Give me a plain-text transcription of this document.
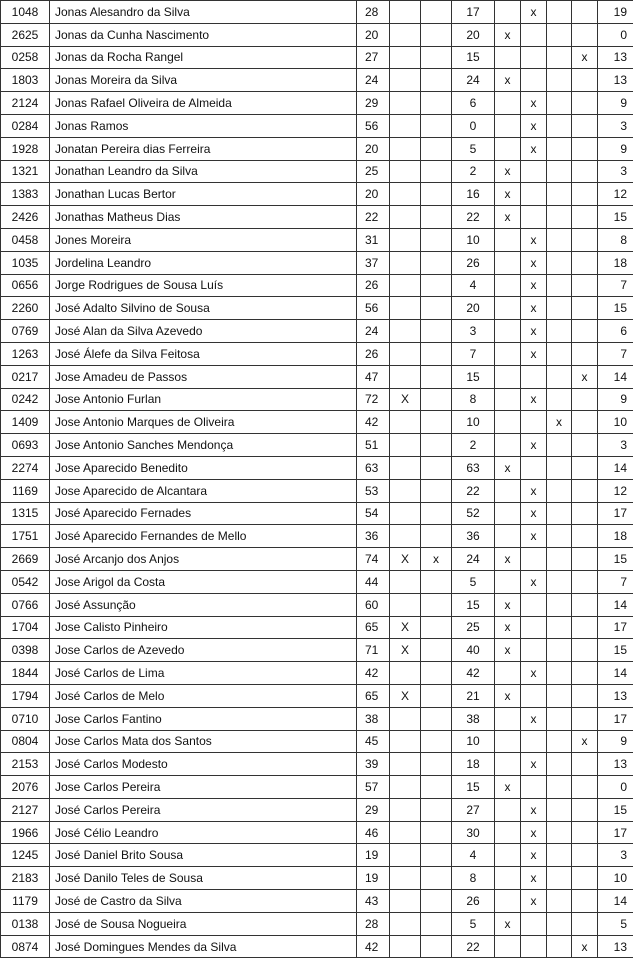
1048	Jonas Alesandro da Silva	28			17		x			19
2625	Jonas da Cunha Nascimento	20			20	x				0
0258	Jonas da Rocha Rangel	27			15				x	13
1803	Jonas Moreira da Silva	24			24	x				13
2124	Jonas Rafael Oliveira de Almeida	29			6		x			9
0284	Jonas Ramos	56			0		x			3
1928	Jonatan Pereira dias Ferreira	20			5		x			9
1321	Jonathan Leandro da Silva	25			2	x				3
1383	Jonathan Lucas Bertor	20			16	x				12
2426	Jonathas Matheus Dias	22			22	x				15
0458	Jones Moreira	31			10		x			8
1035	Jordelina Leandro	37			26		x			18
0656	Jorge Rodrigues de Sousa Luís	26			4		x			7
2260	José Adalto Silvino de Sousa	56			20		x			15
0769	José Alan da Silva Azevedo	24			3		x			6
1263	José Álefe da Silva Feitosa	26			7		x			7
0217	Jose Amadeu de Passos	47			15				x	14
0242	Jose Antonio Furlan	72	X		8		x			9
1409	Jose Antonio Marques de Oliveira	42			10			x		10
0693	Jose Antonio Sanches Mendonça	51			2		x			3
2274	Jose Aparecido Benedito	63			63	x				14
1169	Jose Aparecido de Alcantara	53			22		x			12
1315	José Aparecido Fernades	54			52		x			17
1751	José Aparecido Fernandes de Mello	36			36		x			18
2669	José Arcanjo dos Anjos	74	X	x	24	x				15
0542	Jose Arigol da Costa	44			5		x			7
0766	José Assunção	60			15	x				14
1704	Jose Calisto Pinheiro	65	X		25	x				17
0398	Jose Carlos de Azevedo	71	X		40	x				15
1844	José Carlos de Lima	42			42		x			14
1794	José Carlos de Melo	65	X		21	x				13
0710	Jose Carlos Fantino	38			38		x			17
0804	Jose Carlos Mata dos Santos	45			10				x	9
2153	José Carlos Modesto	39			18		x			13
2076	Jose Carlos Pereira	57			15	x				0
2127	José Carlos Pereira	29			27		x			15
1966	José Célio Leandro	46			30		x			17
1245	José Daniel Brito Sousa	19			4		x			3
2183	José Danilo Teles de Sousa	19			8		x			10
1179	José de Castro da Silva	43			26		x			14
0138	José de Sousa Nogueira	28			5	x				5
0874	José Domingues Mendes da Silva	42			22				x	13
